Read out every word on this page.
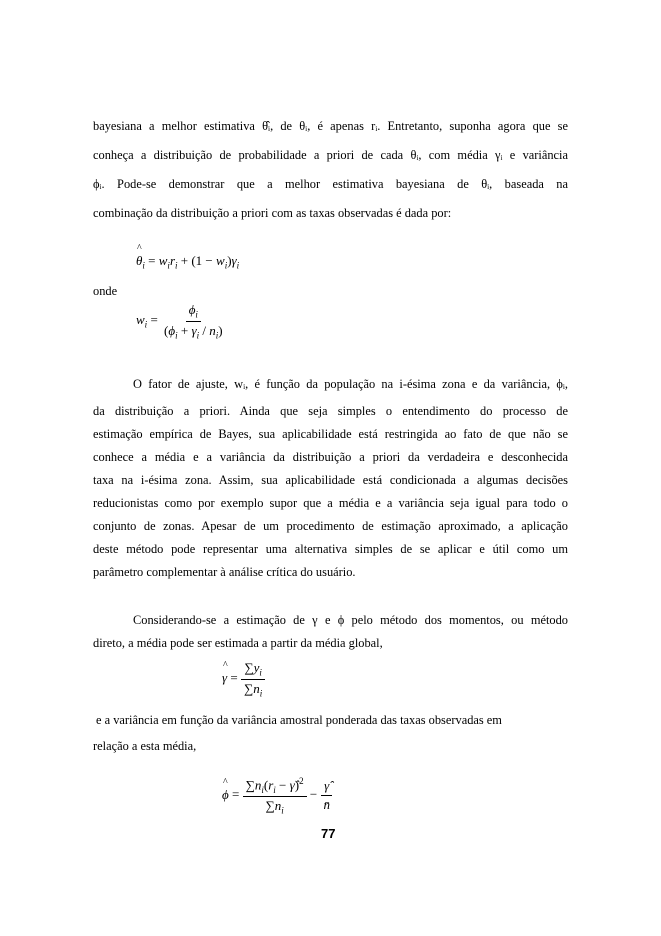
bayesiana a melhor estimativa θ̂ᵢ, de θᵢ, é apenas rᵢ. Entretanto, suponha agora que se
conheça a distribuição de probabilidade a priori de cada θᵢ, com média γᵢ e variância
ϕᵢ. Pode-se demonstrar que a melhor estimativa bayesiana de θᵢ, baseada na
combinação da distribuição a priori com as taxas observadas é dada por:
^ $\theta_i = w_ir_i + (1 - w_i)\gamma_i$
onde
$w_i = \frac{\phi_i}{(\phi_i + \gamma_i / n_i)}$
O fator de ajuste, wᵢ, é função da população na i-ésima zona e da variância, ϕᵢ,
da distribuição a priori. Ainda que seja simples o entendimento do processo de
estimação empírica de Bayes, sua aplicabilidade está restringida ao fato de que não se
conhece a média e a variância da distribuição a priori da verdadeira e desconhecida
taxa na i-ésima zona. Assim, sua aplicabilidade está condicionada a algumas decisões
reducionistas como por exemplo supor que a média e a variância seja igual para todo o
conjunto de zonas. Apesar de um procedimento de estimação aproximado, a aplicação
deste método pode representar uma alternativa simples de se aplicar e útil como um
parâmetro complementar à análise crítica do usuário.
Considerando-se a estimação de γ e ϕ pelo método dos momentos, ou método
direto, a média pode ser estimada a partir da média global,
^ $\gamma = \frac{\sum y_i}{\sum n_i}$
e a variância em função da variância amostral ponderada das taxas observadas em
relação a esta média,
^ $\phi = \frac{\sum n_i(r_i - \gammâ)^2}{\sum n_i} - \frac{\gammâ}{n̄}$
77
